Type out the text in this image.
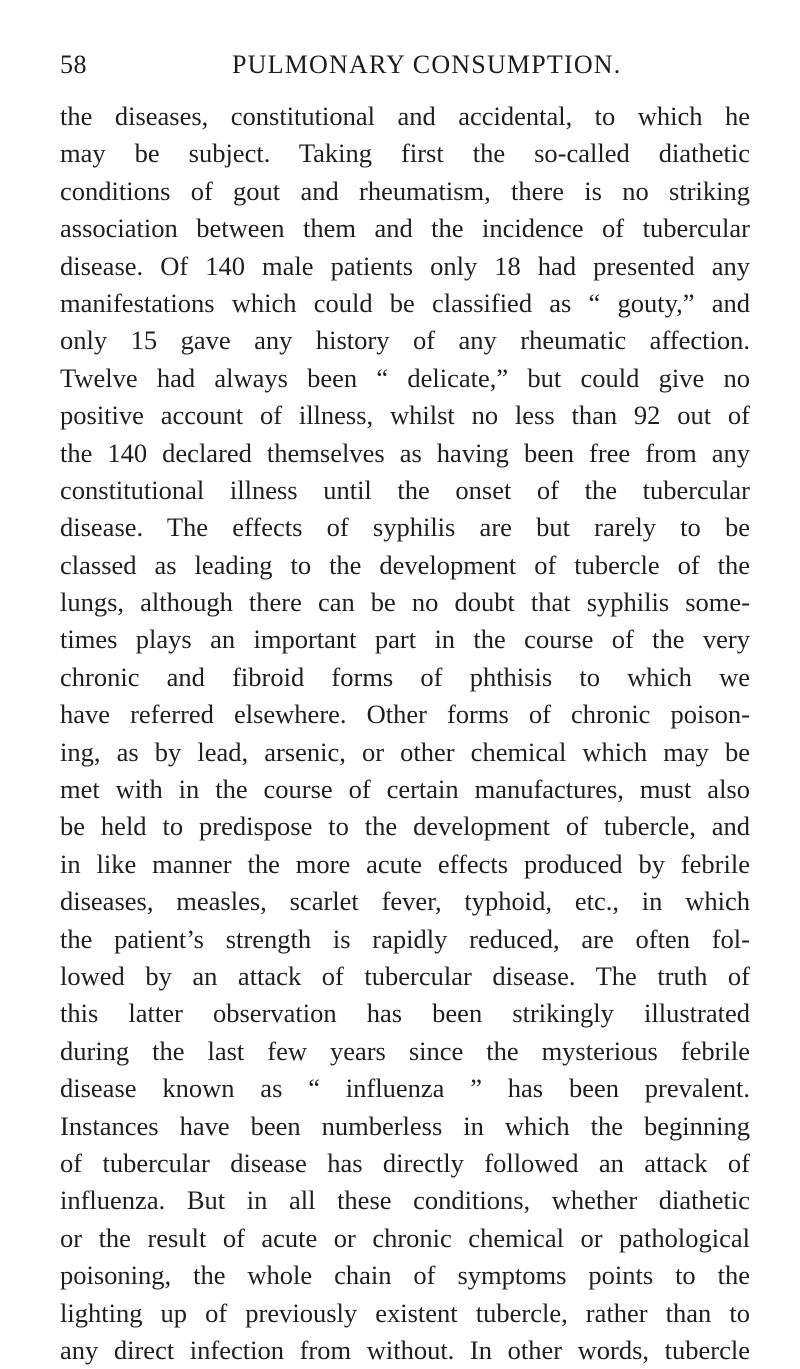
58	PULMONARY CONSUMPTION.
the diseases, constitutional and accidental, to which he
may be subject. Taking first the so-called diathetic
conditions of gout and rheumatism, there is no striking
association between them and the incidence of tubercular
disease. Of 140 male patients only 18 had presented any
manifestations which could be classified as “ gouty,” and
only 15 gave any history of any rheumatic affection.
Twelve had always been “ delicate,” but could give no
positive account of illness, whilst no less than 92 out of
the 140 declared themselves as having been free from any
constitutional illness until the onset of the tubercular
disease. The effects of syphilis are but rarely to be
classed as leading to the development of tubercle of the
lungs, although there can be no doubt that syphilis some-
times plays an important part in the course of the very
chronic and fibroid forms of phthisis to which we
have referred elsewhere. Other forms of chronic poison-
ing, as by lead, arsenic, or other chemical which may be
met with in the course of certain manufactures, must also
be held to predispose to the development of tubercle, and
in like manner the more acute effects produced by febrile
diseases, measles, scarlet fever, typhoid, etc., in which
the patient’s strength is rapidly reduced, are often fol-
lowed by an attack of tubercular disease. The truth of
this latter observation has been strikingly illustrated
during the last few years since the mysterious febrile
disease known as “ influenza ” has been prevalent.
Instances have been numberless in which the beginning
of tubercular disease has directly followed an attack of
influenza. But in all these conditions, whether diathetic
or the result of acute or chronic chemical or pathological
poisoning, the whole chain of symptoms points to the
lighting up of previously existent tubercle, rather than to
any direct infection from without. In other words, tubercle
